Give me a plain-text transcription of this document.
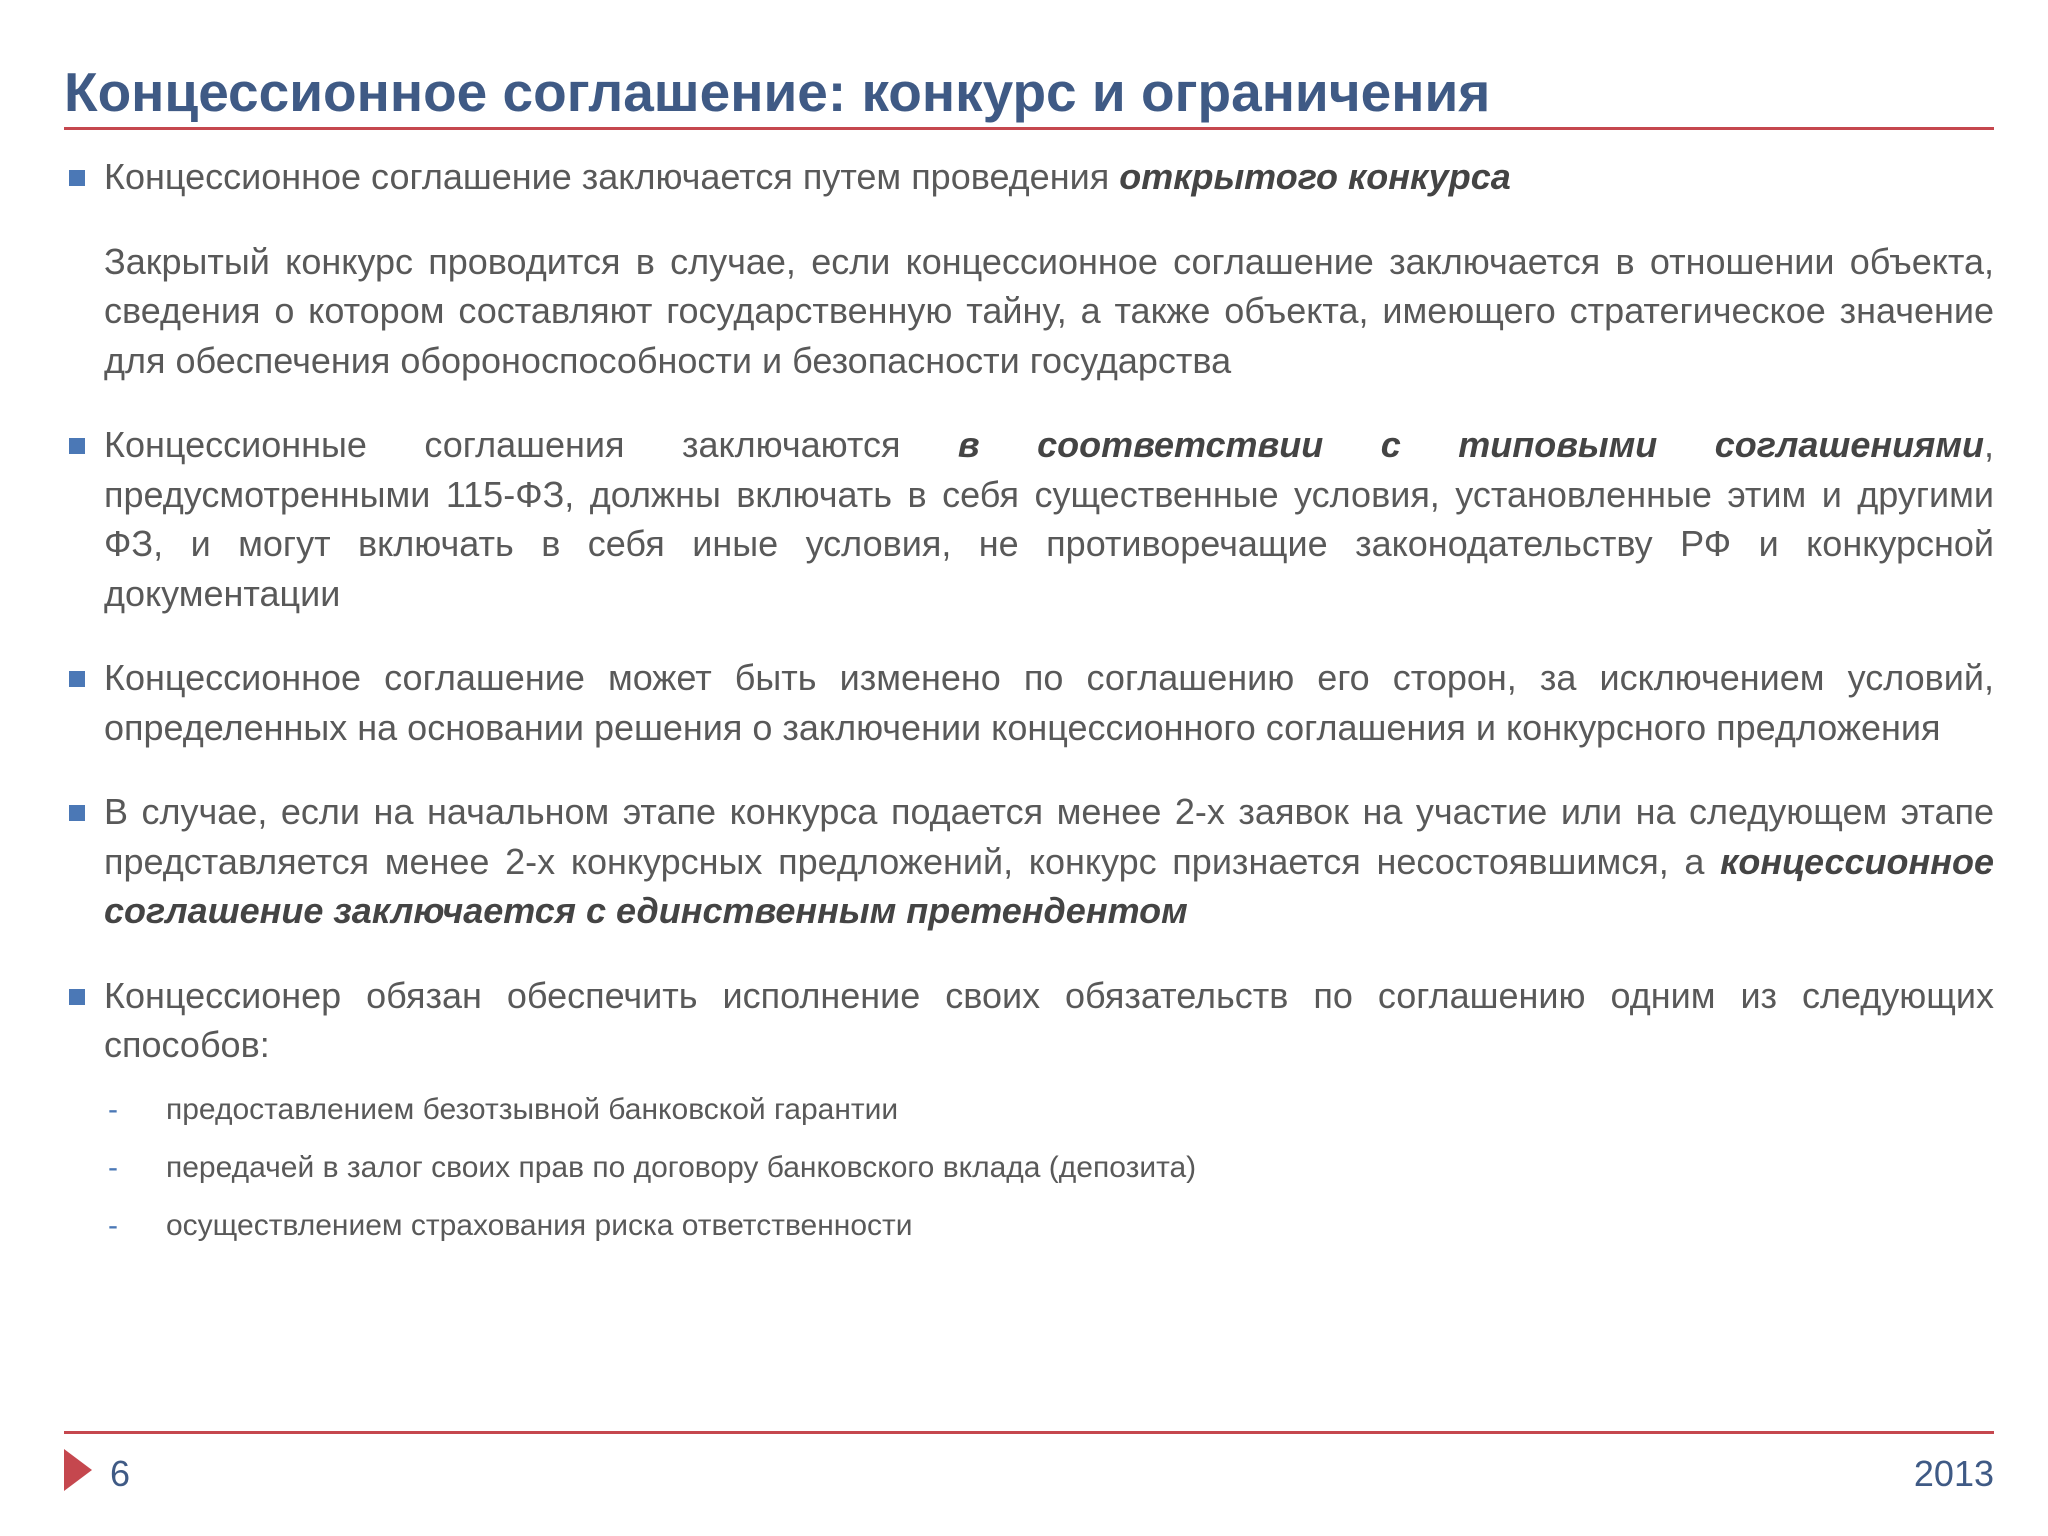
Концессионное соглашение: конкурс и ограничения
Концессионное соглашение заключается путем проведения открытого конкурса
Закрытый конкурс проводится в случае, если концессионное соглашение заключается в отношении объекта, сведения о котором составляют государственную тайну, а также объекта, имеющего стратегическое значение для обеспечения обороноспособности и безопасности государства
Концессионные соглашения заключаются в соответствии с типовыми соглашениями, предусмотренными 115-ФЗ, должны включать в себя существенные условия, установленные этим и другими ФЗ, и могут включать в себя иные условия, не противоречащие законодательству РФ и конкурсной документации
Концессионное соглашение может быть изменено по соглашению его сторон, за исключением условий, определенных на основании решения о заключении концессионного соглашения и конкурсного предложения
В случае, если на начальном этапе конкурса подается менее 2-х заявок на участие или на следующем этапе представляется менее 2-х конкурсных предложений, конкурс признается несостоявшимся, а концессионное соглашение заключается с единственным претендентом
Концессионер обязан обеспечить исполнение своих обязательств по соглашению одним из следующих способов:
- предоставлением безотзывной банковской гарантии
- передачей в залог своих прав по договору банковского вклада (депозита)
- осуществлением страхования риска ответственности
6	2013
